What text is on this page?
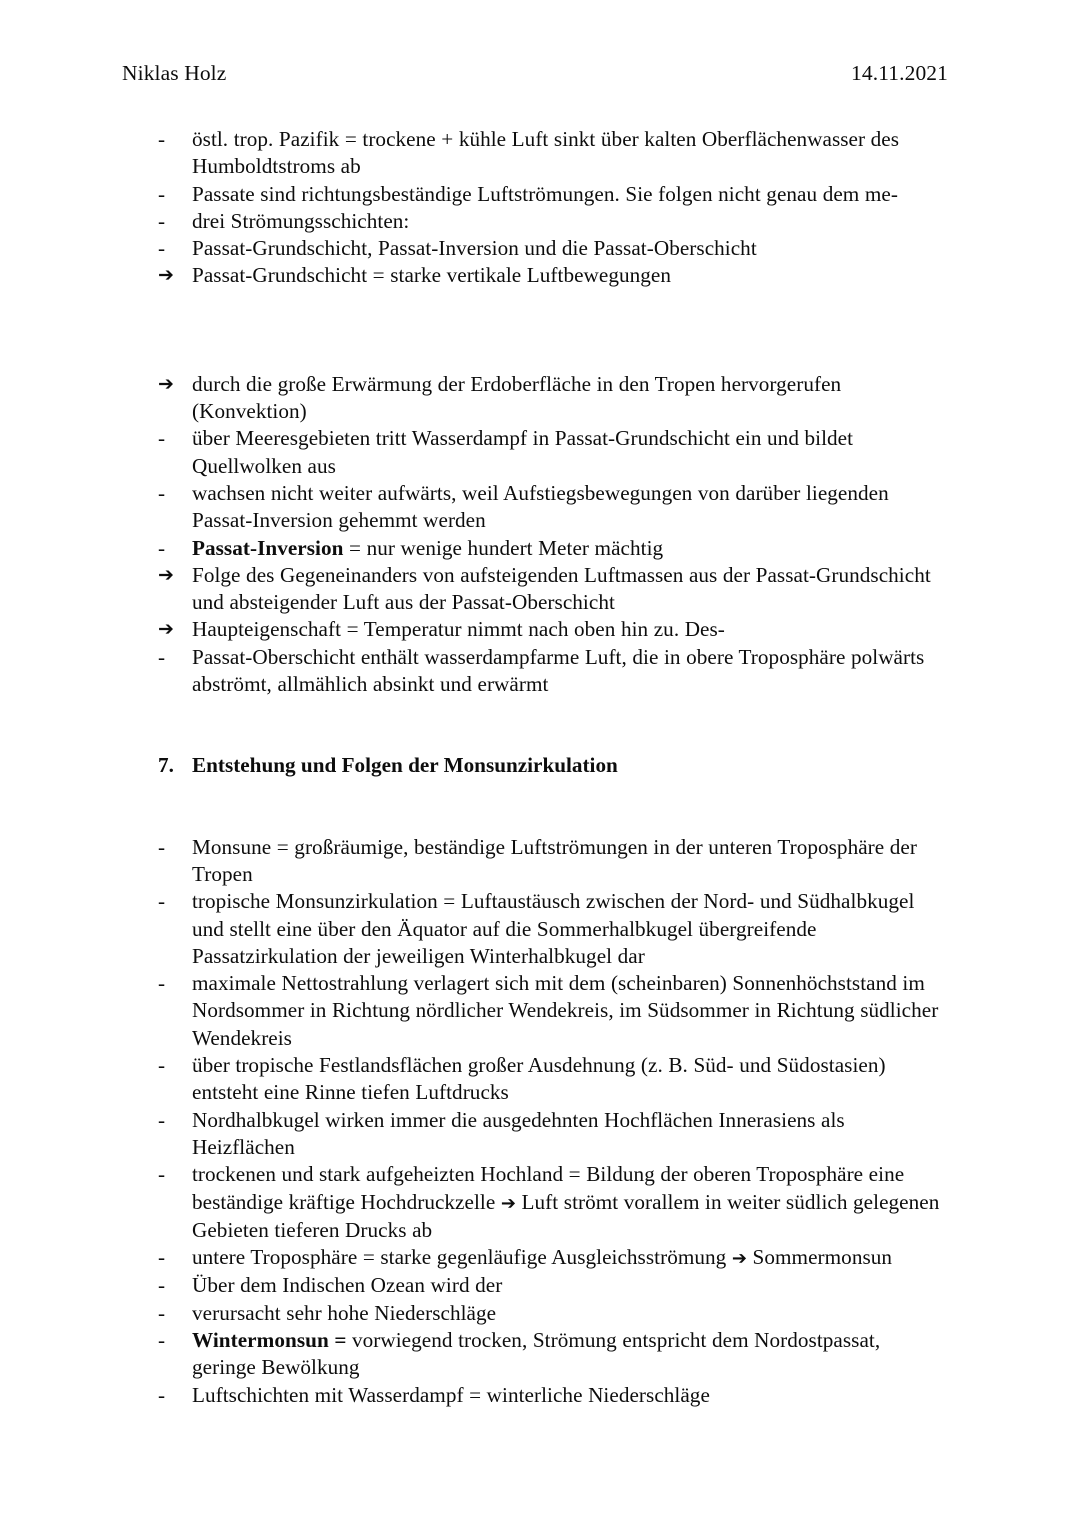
Niklas Holz	14.11.2021
-	östl. trop. Pazifik = trockene + kühle Luft sinkt über kalten Oberflächenwasser des Humboldtstroms ab
-	Passate sind richtungsbeständige Luftströmungen. Sie folgen nicht genau dem me-
-	drei Strömungsschichten:
-	Passat-Grundschicht, Passat-Inversion und die Passat-Oberschicht
➔ Passat-Grundschicht = starke vertikale Luftbewegungen
➔ durch die große Erwärmung der Erdoberfläche in den Tropen hervorgerufen (Konvektion)
-	über Meeresgebieten tritt Wasserdampf in Passat-Grundschicht ein und bildet Quellwolken aus
-	wachsen nicht weiter aufwärts, weil Aufstiegsbewegungen von darüber liegenden Passat-Inversion gehemmt werden
-	Passat-Inversion = nur wenige hundert Meter mächtig
➔ Folge des Gegeneinanders von aufsteigenden Luftmassen aus der Passat-Grundschicht und absteigender Luft aus der Passat-Oberschicht
➔ Haupteigenschaft = Temperatur nimmt nach oben hin zu. Des-
-	Passat-Oberschicht enthält wasserdampfarme Luft, die in obere Troposphäre polwärts abströmt, allmählich absinkt und erwärmt
7. Entstehung und Folgen der Monsunzirkulation
-	Monsune = großräumige, beständige Luftströmungen in der unteren Troposphäre der Tropen
-	tropische Monsunzirkulation = Luftaustäusch zwischen der Nord- und Südhalbkugel und stellt eine über den Äquator auf die Sommerhalbkugel übergreifende Passatzirkulation der jeweiligen Winterhalbkugel dar
-	maximale Nettostrahlung verlagert sich mit dem (scheinbaren) Sonnenhöchststand im Nordsommer in Richtung nördlicher Wendekreis, im Südsommer in Richtung südlicher Wendekreis
-	über tropische Festlandsflächen großer Ausdehnung (z. B. Süd- und Südostasien) entsteht eine Rinne tiefen Luftdrucks
-	Nordhalbkugel wirken immer die ausgedehnten Hochflächen Innerasiens als Heizflächen
-	trockenen und stark aufgeheizten Hochland = Bildung der oberen Troposphäre eine beständige kräftige Hochdruckzelle ➔ Luft strömt vorallem in weiter südlich gelegenen Gebieten tieferen Drucks ab
-	untere Troposphäre = starke gegenläufige Ausgleichsströmung ➔ Sommermonsun
-	Über dem Indischen Ozean wird der
-	verursacht sehr hohe Niederschläge
-	Wintermonsun = vorwiegend trocken, Strömung entspricht dem Nordostpassat, geringe Bewölkung
-	Luftschichten mit Wasserdampf = winterliche Niederschläge
